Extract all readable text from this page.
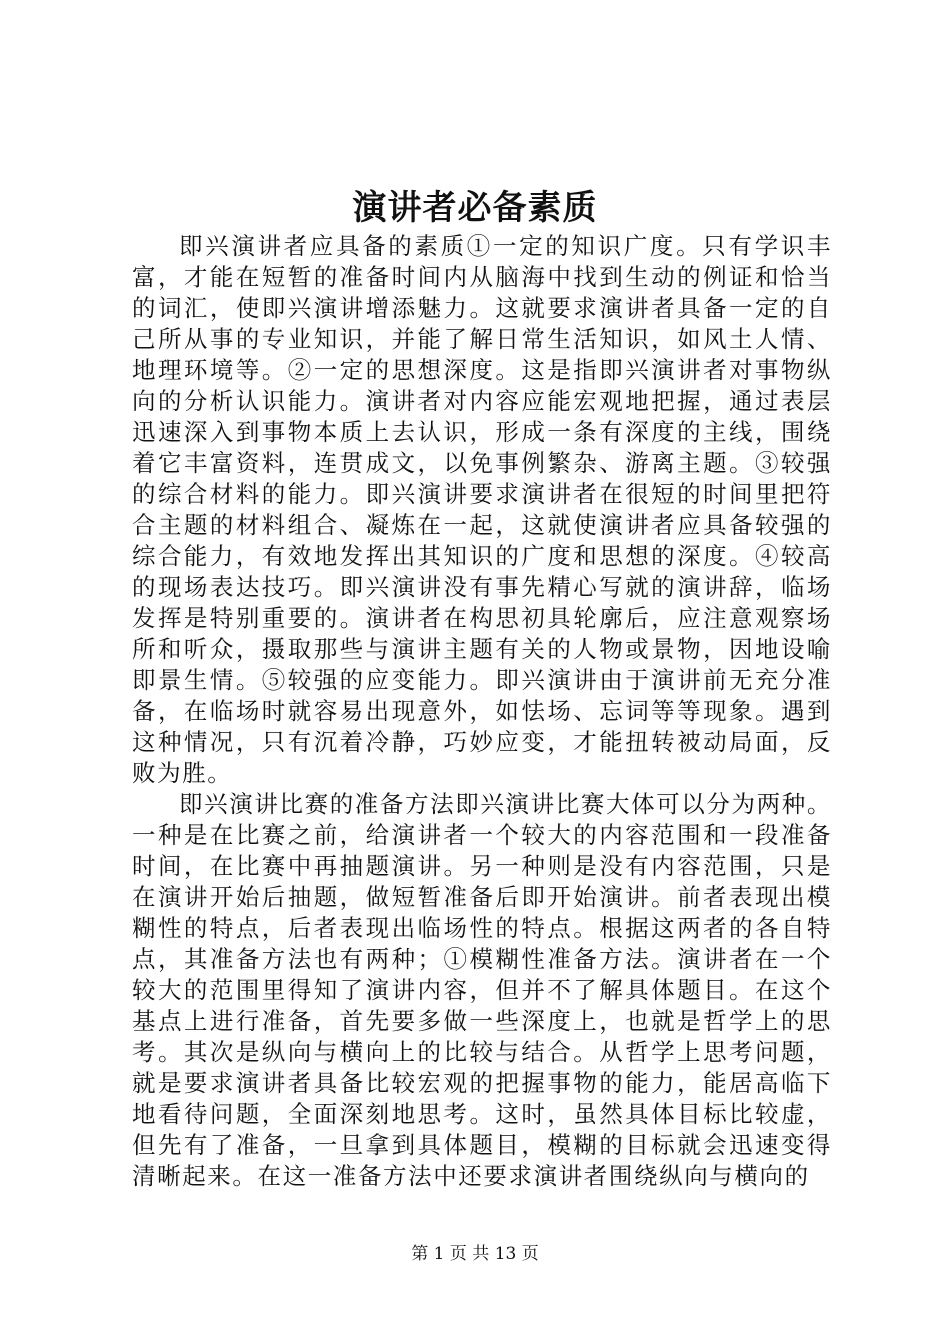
演讲者必备素质

即兴演讲者应具备的素质①一定的知识广度。只有学识丰富，才能在短暂的准备时间内从脑海中找到生动的例证和恰当的词汇，使即兴演讲增添魅力。这就要求演讲者具备一定的自己所从事的专业知识，并能了解日常生活知识，如风土人情、地理环境等。②一定的思想深度。这是指即兴演讲者对事物纵向的分析认识能力。演讲者对内容应能宏观地把握，通过表层迅速深入到事物本质上去认识，形成一条有深度的主线，围绕着它丰富资料，连贯成文，以免事例繁杂、游离主题。③较强的综合材料的能力。即兴演讲要求演讲者在很短的时间里把符合主题的材料组合、凝炼在一起，这就使演讲者应具备较强的综合能力，有效地发挥出其知识的广度和思想的深度。④较高的现场表达技巧。即兴演讲没有事先精心写就的演讲辞，临场发挥是特别重要的。演讲者在构思初具轮廓后，应注意观察场所和听众，摄取那些与演讲主题有关的人物或景物，因地设喻即景生情。⑤较强的应变能力。即兴演讲由于演讲前无充分准备，在临场时就容易出现意外，如怯场、忘词等等现象。遇到这种情况，只有沉着冷静，巧妙应变，才能扭转被动局面，反败为胜。

即兴演讲比赛的准备方法即兴演讲比赛大体可以分为两种。一种是在比赛之前，给演讲者一个较大的内容范围和一段准备时间，在比赛中再抽题演讲。另一种则是没有内容范围，只是在演讲开始后抽题，做短暂准备后即开始演讲。前者表现出模糊性的特点，后者表现出临场性的特点。根据这两者的各自特点，其准备方法也有两种；①模糊性准备方法。演讲者在一个较大的范围里得知了演讲内容，但并不了解具体题目。在这个基点上进行准备，首先要多做一些深度上，也就是哲学上的思考。其次是纵向与横向上的比较与结合。从哲学上思考问题，就是要求演讲者具备比较宏观的把握事物的能力，能居高临下地看待问题，全面深刻地思考。这时，虽然具体目标比较虚，但先有了准备，一旦拿到具体题目，模糊的目标就会迅速变得清晰起来。在这一准备方法中还要求演讲者围绕纵向与横向的

第 1 页 共 13 页
